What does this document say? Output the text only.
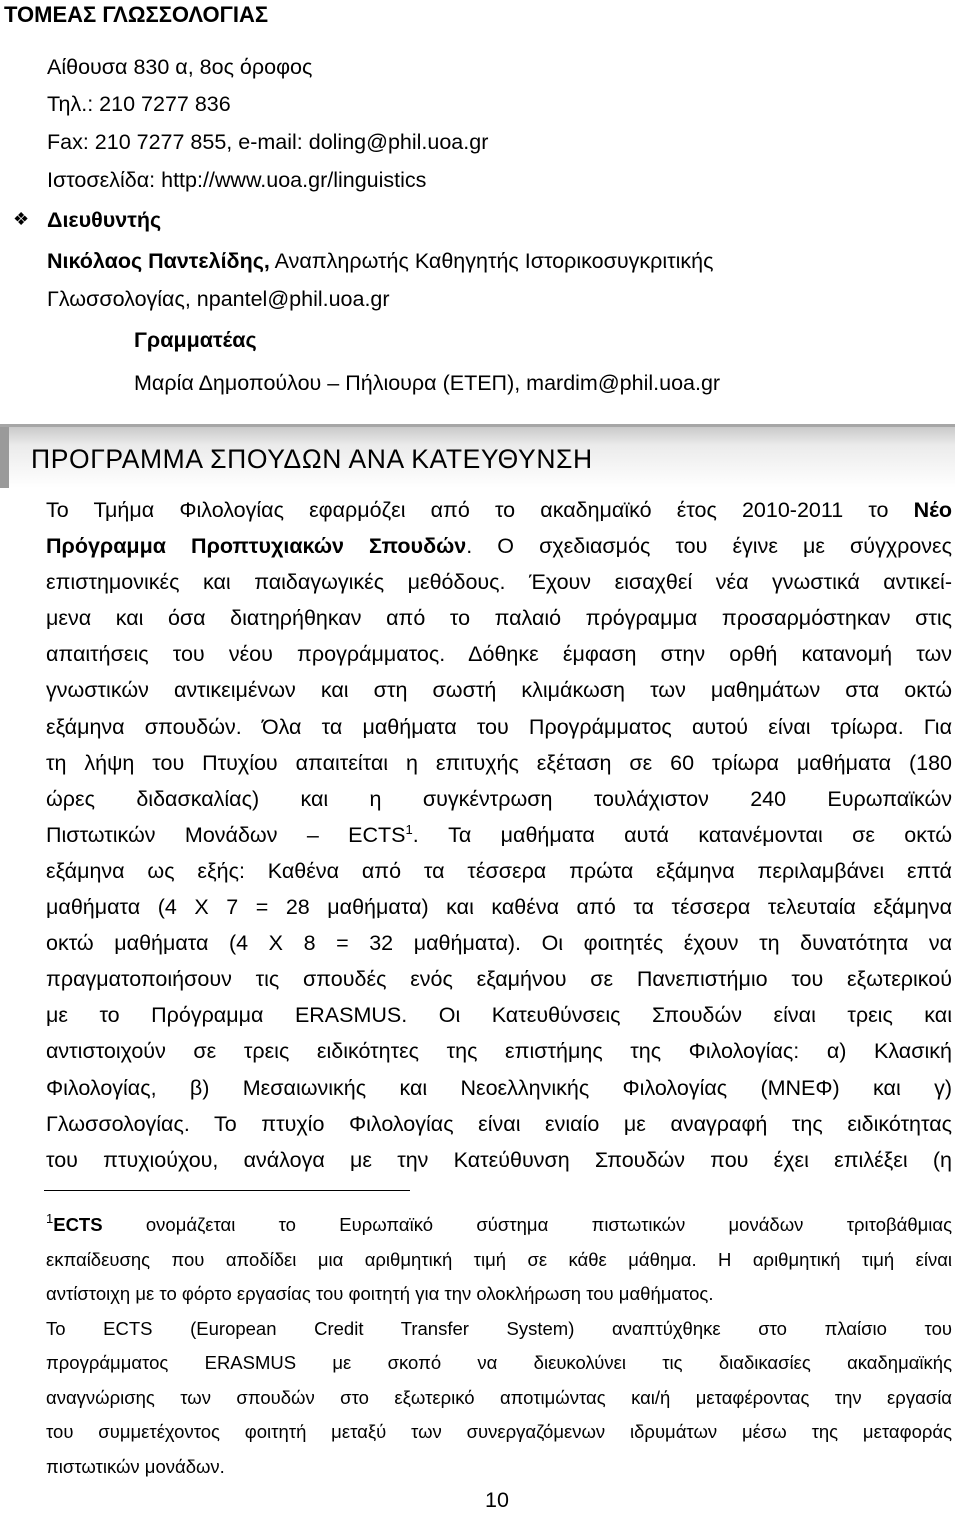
ΤΟΜΕΑΣ ΓΛΩΣΣΟΛΟΓΙΑΣ
Αίθουσα 830 α, 8ος όροφος
Τηλ.: 210 7277 836
Fax: 210 7277 855, e-mail: doling@phil.uoa.gr
Ιστοσελίδα: http://www.uoa.gr/linguistics
❖ Διευθυντής
Νικόλαος Παντελίδης, Αναπληρωτής Καθηγητής Ιστορικοσυγκριτικής
Γλωσσολογίας, npantel@phil.uoa.gr
Γραμματέας
Μαρία Δημοπούλου – Πήλιουρα (ΕΤΕΠ), mardim@phil.uoa.gr
ΠΡΟΓΡΑΜΜΑ ΣΠΟΥΔΩΝ ΑΝΑ ΚΑΤΕΥΘΥΝΣΗ
Το Τμήμα Φιλολογίας εφαρμόζει από το ακαδημαϊκό έτος 2010-2011 το Νέο
Πρόγραμμα Προπτυχιακών Σπουδών. Ο σχεδιασμός του έγινε με σύγχρονες
επιστημονικές και παιδαγωγικές μεθόδους. Έχουν εισαχθεί νέα γνωστικά αντικεί-
μενα και όσα διατηρήθηκαν από το παλαιό πρόγραμμα προσαρμόστηκαν στις
απαιτήσεις του νέου προγράμματος. Δόθηκε έμφαση στην ορθή κατανομή των
γνωστικών αντικειμένων και στη σωστή κλιμάκωση των μαθημάτων στα οκτώ
εξάμηνα σπουδών. Όλα τα μαθήματα του Προγράμματος αυτού είναι τρίωρα. Για
τη λήψη του Πτυχίου απαιτείται η επιτυχής εξέταση σε 60 τρίωρα μαθήματα (180
ώρες διδασκαλίας) και η συγκέντρωση τουλάχιστον 240 Ευρωπαϊκών
Πιστωτικών Μονάδων – ECTS$^1$. Τα μαθήματα αυτά κατανέμονται σε οκτώ
εξάμηνα ως εξής: Καθένα από τα τέσσερα πρώτα εξάμηνα περιλαμβάνει επτά
μαθήματα (4 Χ 7 = 28 μαθήματα) και καθένα από τα τέσσερα τελευταία εξάμηνα
οκτώ μαθήματα (4 Χ 8 = 32 μαθήματα). Οι φοιτητές έχουν τη δυνατότητα να
πραγματοποιήσουν τις σπουδές ενός εξαμήνου σε Πανεπιστήμιο του εξωτερικού
με το Πρόγραμμα ERASMUS. Οι Κατευθύνσεις Σπουδών είναι τρεις και
αντιστοιχούν σε τρεις ειδικότητες της επιστήμης της Φιλολογίας: α) Κλασική
Φιλολογίας, β) Μεσαιωνικής και Νεοελληνικής Φιλολογίας (ΜΝΕΦ) και γ)
Γλωσσολογίας. Το πτυχίο Φιλολογίας είναι ενιαίο με αναγραφή της ειδικότητας
του πτυχιούχου, ανάλογα με την Κατεύθυνση Σπουδών που έχει επιλέξει (η
$^1$ECTS ονομάζεται το Ευρωπαϊκό σύστημα πιστωτικών μονάδων τριτοβάθμιας
εκπαίδευσης που αποδίδει μια αριθμητική τιμή σε κάθε μάθημα. Η αριθμητική τιμή είναι
αντίστοιχη με το φόρτο εργασίας του φοιτητή για την ολοκλήρωση του μαθήματος.
Το ECTS (European Credit Transfer System) αναπτύχθηκε στο πλαίσιο του
προγράμματος ERASMUS με σκοπό να διευκολύνει τις διαδικασίες ακαδημαϊκής
αναγνώρισης των σπουδών στο εξωτερικό αποτιμώντας και/ή μεταφέροντας την εργασία
του συμμετέχοντος φοιτητή μεταξύ των συνεργαζόμενων ιδρυμάτων μέσω της μεταφοράς
πιστωτικών μονάδων.
10
